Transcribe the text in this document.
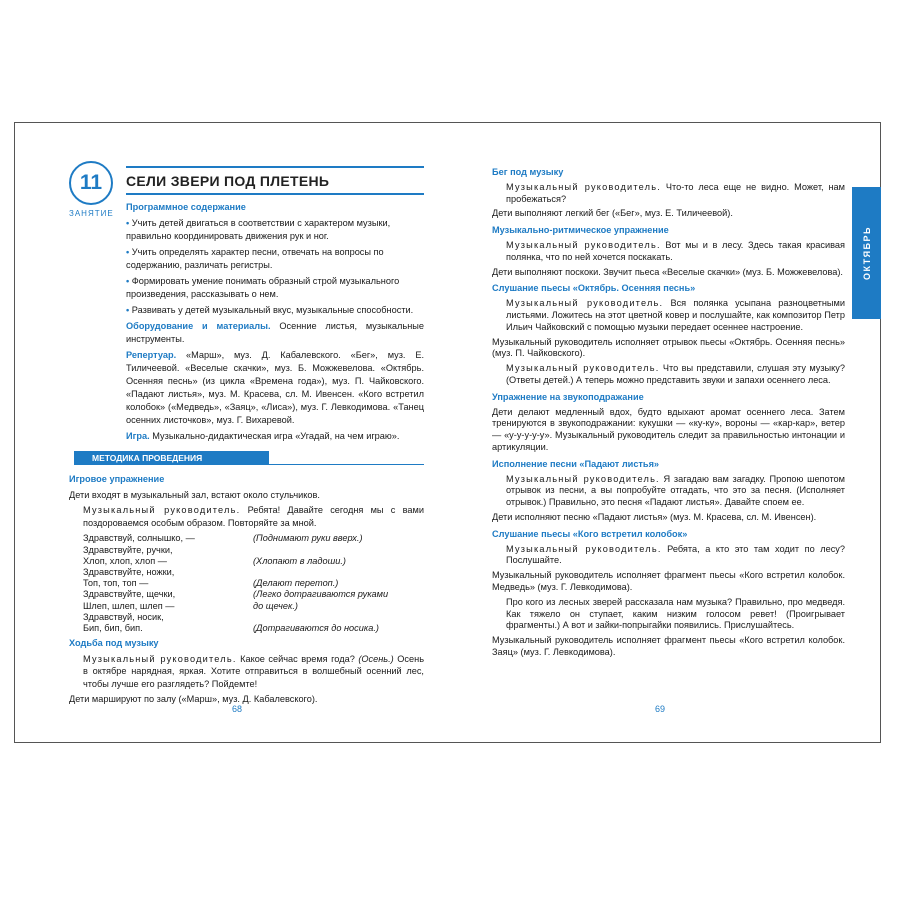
11
ЗАНЯТИЕ
СЕЛИ ЗВЕРИ ПОД ПЛЕТЕНЬ
Программное содержание
• Учить детей двигаться в соответствии с характером музыки, правильно координировать движения рук и ног.
• Учить определять характер песни, отвечать на вопросы по содержанию, различать регистры.
• Формировать умение понимать образный строй музыкального произведения, рассказывать о нем.
• Развивать у детей музыкальный вкус, музыкальные способности.
Оборудование и материалы. Осенние листья, музыкальные инструменты.
Репертуар. «Марш», муз. Д. Кабалевского. «Бег», муз. Е. Тиличеевой. «Веселые скачки», муз. Б. Можжевелова. «Октябрь. Осенняя песнь» (из цикла «Времена года»), муз. П. Чайковского. «Падают листья», муз. М. Красева, сл. М. Ивенсен. «Кого встретил колобок» («Медведь», «Заяц», «Лиса»), муз. Г. Левкодимова. «Танец осенних листочков», муз. Г. Вихаревой.
Игра. Музыкально-дидактическая игра «Угадай, на чем играю».
МЕТОДИКА ПРОВЕДЕНИЯ
Игровое упражнение
Дети входят в музыкальный зал, встают около стульчиков.
Музыкальный руководитель. Ребята! Давайте сегодня мы с вами поздороваемся особым образом. Повторяйте за мной.
Здравствуй, солнышко, —	(Поднимают руки вверх.)
Здравствуйте, ручки,
Хлоп, хлоп, хлоп —	(Хлопают в ладоши.)
Здравствуйте, ножки,
Топ, топ, топ —	(Делают перетоп.)
Здравствуйте, щечки,	(Легко дотрагиваются руками
Шлеп, шлеп, шлеп —	до щечек.)
Здравствуй, носик,
Бип, бип, бип.	(Дотрагиваются до носика.)
Ходьба под музыку
Музыкальный руководитель. Какое сейчас время года? (Осень.) Осень в октябре нарядная, яркая. Хотите отправиться в волшебный осенний лес, чтобы лучше его разглядеть? Пойдемте!
Дети маршируют по залу («Марш», муз. Д. Кабалевского).
68
Бег под музыку
Музыкальный руководитель. Что-то леса еще не видно. Может, нам пробежаться?
Дети выполняют легкий бег («Бег», муз. Е. Тиличеевой).
Музыкально-ритмическое упражнение
Музыкальный руководитель. Вот мы и в лесу. Здесь такая красивая полянка, что по ней хочется поскакать.
Дети выполняют поскоки. Звучит пьеса «Веселые скачки» (муз. Б. Можжевелова).
Слушание пьесы «Октябрь. Осенняя песнь»
Музыкальный руководитель. Вся полянка усыпана разноцветными листьями. Ложитесь на этот цветной ковер и послушайте, как композитор Петр Ильич Чайковский с помощью музыки передает осеннее настроение.
Музыкальный руководитель исполняет отрывок пьесы «Октябрь. Осенняя песнь» (муз. П. Чайковского).
Музыкальный руководитель. Что вы представили, слушая эту музыку? (Ответы детей.) А теперь можно представить звуки и запахи осеннего леса.
Упражнение на звукоподражание
Дети делают медленный вдох, будто вдыхают аромат осеннего леса. Затем тренируются в звукоподражании: кукушки — «ку-ку», вороны — «кар-кар», ветер — «у-у-у-у-у». Музыкальный руководитель следит за правильностью интонации и артикуляции.
Исполнение песни «Падают листья»
Музыкальный руководитель. Я загадаю вам загадку. Пропою шепотом отрывок из песни, а вы попробуйте отгадать, что это за песня. (Исполняет отрывок.) Правильно, это песня «Падают листья». Давайте споем ее.
Дети исполняют песню «Падают листья» (муз. М. Красева, сл. М. Ивенсен).
Слушание пьесы «Кого встретил колобок»
Музыкальный руководитель. Ребята, а кто это там ходит по лесу? Послушайте.
Музыкальный руководитель исполняет фрагмент пьесы «Кого встретил колобок. Медведь» (муз. Г. Левкодимова).
Про кого из лесных зверей рассказала нам музыка? Правильно, про медведя. Как тяжело он ступает, каким низким голосом ревет! (Проигрывает фрагменты.) А вот и зайки-попрыгайки появились. Прислушайтесь.
Музыкальный руководитель исполняет фрагмент пьесы «Кого встретил колобок. Заяц» (муз. Г. Левкодимова).
69
ОКТЯБРЬ
